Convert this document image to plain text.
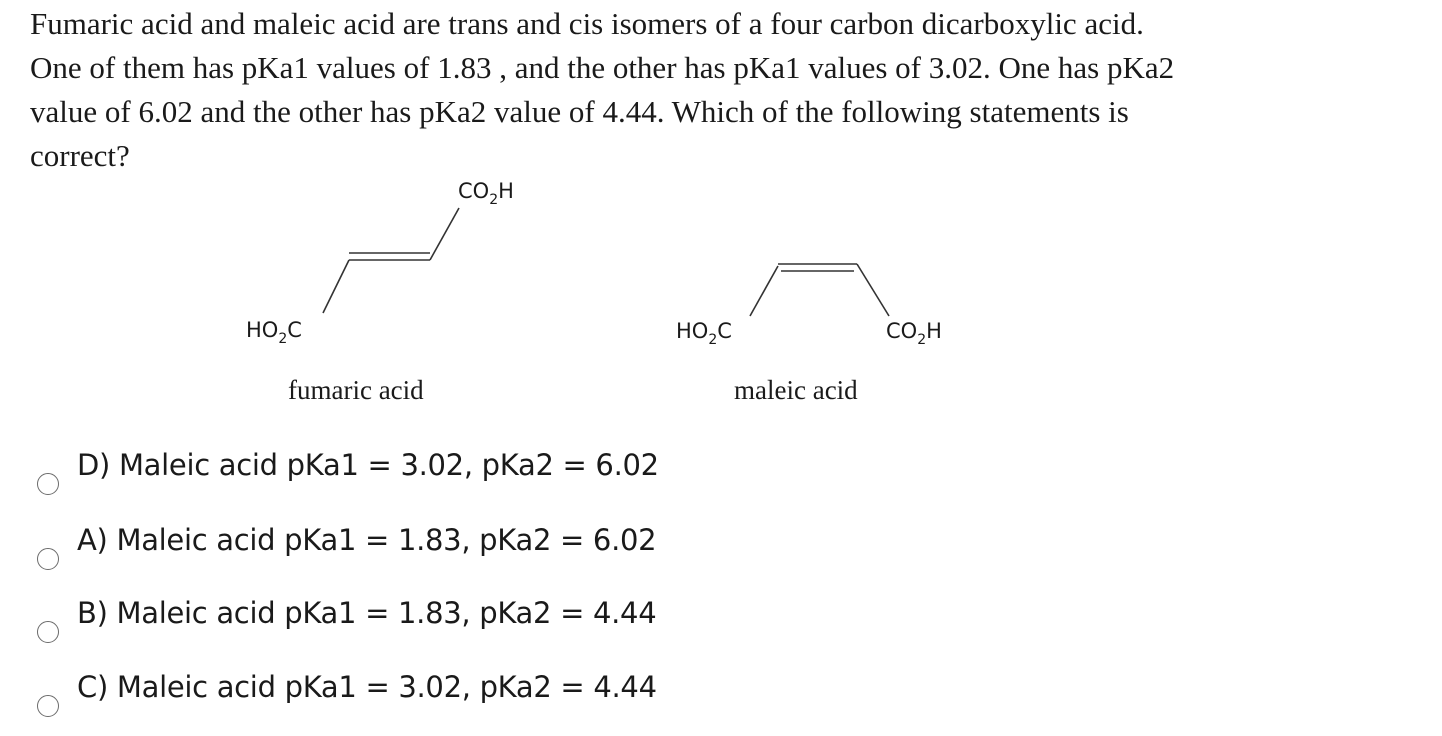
Fumaric acid and maleic acid are trans and cis isomers of a four carbon dicarboxylic acid.
One of them has pKa1 values of 1.83 , and the other has pKa1 values of 3.02. One has pKa2
value of 6.02 and the other has pKa2 value of 4.44. Which of the following statements is
correct?

$CO_2H$
$HO_2C$
fumaric acid
$HO_2C$	$CO_2H$
maleic acid
D) Maleic acid pKa1 = 3.02, pKa2 = 6.02
A) Maleic acid pKa1 = 1.83, pKa2 = 6.02
B) Maleic acid pKa1 = 1.83, pKa2 = 4.44
C) Maleic acid pKa1 = 3.02, pKa2 = 4.44
